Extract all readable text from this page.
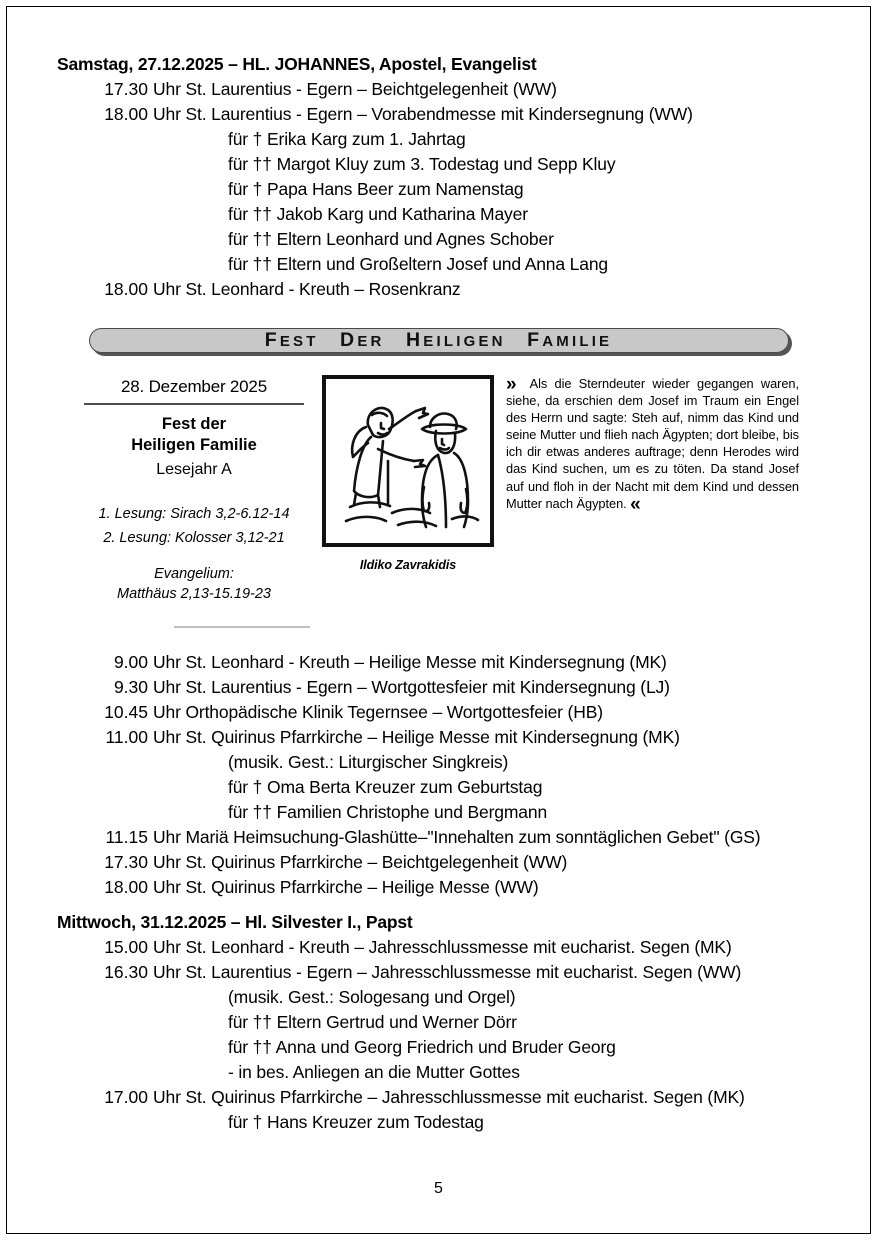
Samstag, 27.12.2025 – HL. JOHANNES, Apostel, Evangelist
17.30 Uhr St. Laurentius - Egern – Beichtgelegenheit (WW)
18.00 Uhr St. Laurentius - Egern – Vorabendmesse mit Kindersegnung (WW)
für † Erika Karg zum 1. Jahrtag
für †† Margot Kluy zum 3. Todestag und Sepp Kluy
für † Papa Hans Beer zum Namenstag
für †† Jakob Karg und Katharina Mayer
für †† Eltern Leonhard und Agnes Schober
für †† Eltern und Großeltern Josef und Anna Lang
18.00 Uhr St. Leonhard - Kreuth – Rosenkranz
FEST   DER   HEILIGEN   FAMILIE
28. Dezember 2025
Fest der
Heiligen Familie
Lesejahr A
1. Lesung: Sirach 3,2-6.12-14
2. Lesung: Kolosser 3,12-21
Evangelium:
Matthäus 2,13-15.19-23
Ildiko Zavrakidis
» Als die Sterndeuter wieder gegangen waren, siehe, da erschien dem Josef im Traum ein Engel des Herrn und sagte: Steh auf, nimm das Kind und seine Mutter und flieh nach Ägypten; dort bleibe, bis ich dir etwas anderes auftrage; denn Herodes wird das Kind suchen, um es zu töten. Da stand Josef auf und floh in der Nacht mit dem Kind und dessen Mutter nach Ägypten. «
9.00 Uhr St. Leonhard - Kreuth – Heilige Messe mit Kindersegnung (MK)
9.30 Uhr St. Laurentius - Egern – Wortgottesfeier mit Kindersegnung (LJ)
10.45 Uhr Orthopädische Klinik Tegernsee – Wortgottesfeier (HB)
11.00 Uhr St. Quirinus Pfarrkirche – Heilige Messe mit Kindersegnung (MK)
(musik. Gest.: Liturgischer Singkreis)
für † Oma Berta Kreuzer zum Geburtstag
für †† Familien Christophe und Bergmann
11.15 Uhr Mariä Heimsuchung-Glashütte–"Innehalten zum sonntäglichen Gebet" (GS)
17.30 Uhr St. Quirinus Pfarrkirche – Beichtgelegenheit (WW)
18.00 Uhr St. Quirinus Pfarrkirche – Heilige Messe (WW)
Mittwoch, 31.12.2025 – Hl. Silvester I., Papst
15.00 Uhr St. Leonhard - Kreuth – Jahresschlussmesse mit eucharist. Segen (MK)
16.30 Uhr St. Laurentius - Egern – Jahresschlussmesse mit eucharist. Segen (WW)
(musik. Gest.: Sologesang und Orgel)
für †† Eltern Gertrud und Werner Dörr
für †† Anna und Georg Friedrich und Bruder Georg
- in bes. Anliegen an die Mutter Gottes
17.00 Uhr St. Quirinus Pfarrkirche – Jahresschlussmesse mit eucharist. Segen (MK)
für † Hans Kreuzer zum Todestag
5
